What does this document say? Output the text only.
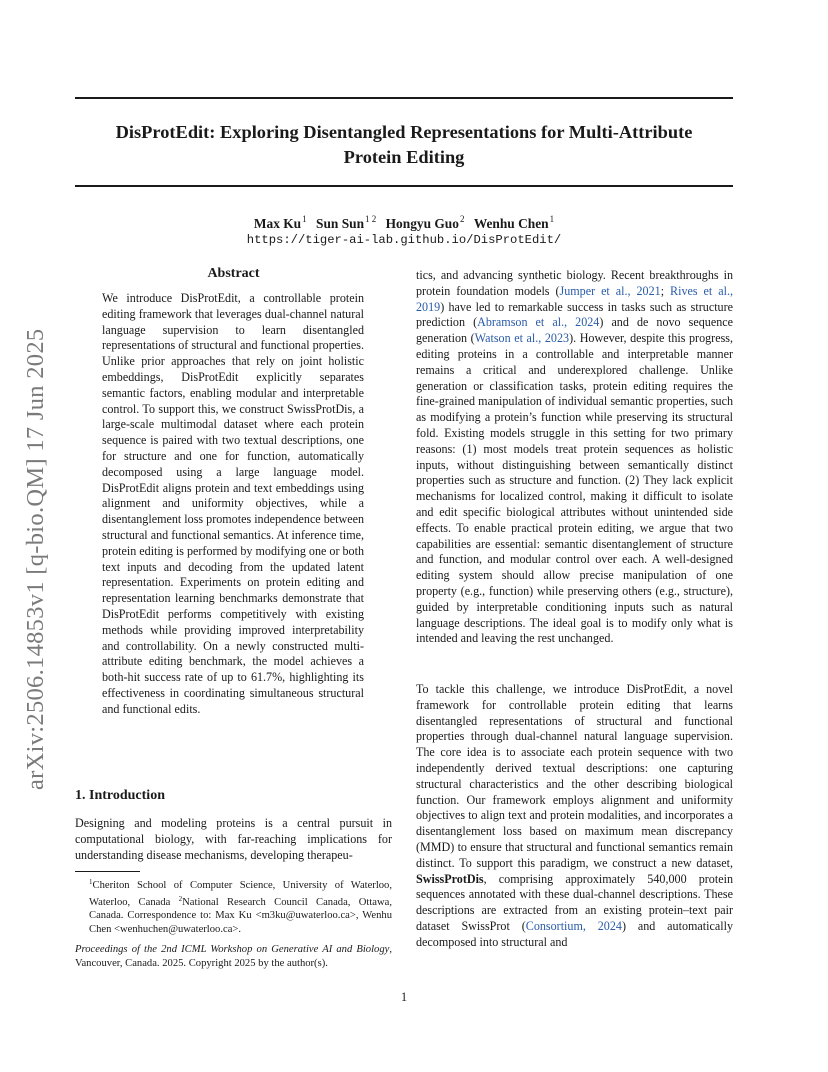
DisProtEdit: Exploring Disentangled Representations for Multi-Attribute
Protein Editing
Max Ku$^1$ Sun Sun$^{1 2}$ Hongyu Guo$^2$ Wenhu Chen$^1$
https://tiger-ai-lab.github.io/DisProtEdit/
arXiv:2506.14853v1 [q-bio.QM] 17 Jun 2025
Abstract
We introduce DisProtEdit, a controllable protein editing framework that leverages dual-channel natural language supervision to learn disentangled representations of structural and functional properties. Unlike prior approaches that rely on joint holistic embeddings, DisProtEdit explicitly separates semantic factors, enabling modular and interpretable control. To support this, we construct SwissProtDis, a large-scale multimodal dataset where each protein sequence is paired with two textual descriptions, one for structure and one for function, automatically decomposed using a large language model. DisProtEdit aligns protein and text embeddings using alignment and uniformity objectives, while a disentanglement loss promotes independence between structural and functional semantics. At inference time, protein editing is performed by modifying one or both text inputs and decoding from the updated latent representation. Experiments on protein editing and representation learning benchmarks demonstrate that DisProtEdit performs competitively with existing methods while providing improved interpretability and controllability. On a newly constructed multi-attribute editing benchmark, the model achieves a both-hit success rate of up to 61.7%, highlighting its effectiveness in coordinating simultaneous structural and functional edits.
1. Introduction
Designing and modeling proteins is a central pursuit in computational biology, with far-reaching implications for understanding disease mechanisms, developing therapeu-
$^1$Cheriton School of Computer Science, University of Waterloo, Waterloo, Canada $^2$National Research Council Canada, Ottawa, Canada. Correspondence to: Max Ku <m3ku@uwaterloo.ca>, Wenhu Chen <wenhuchen@uwaterloo.ca>.
Proceedings of the 2nd ICML Workshop on Generative AI and Biology, Vancouver, Canada. 2025. Copyright 2025 by the author(s).
tics, and advancing synthetic biology. Recent breakthroughs in protein foundation models (Jumper et al., 2021; Rives et al., 2019) have led to remarkable success in tasks such as structure prediction (Abramson et al., 2024) and de novo sequence generation (Watson et al., 2023). However, despite this progress, editing proteins in a controllable and interpretable manner remains a critical and underexplored challenge. Unlike generation or classification tasks, protein editing requires the fine-grained manipulation of individual semantic properties, such as modifying a protein’s function while preserving its structural fold. Existing models struggle in this setting for two primary reasons: (1) most models treat protein sequences as holistic inputs, without distinguishing between semantically distinct properties such as structure and function. (2) They lack explicit mechanisms for localized control, making it difficult to isolate and edit specific biological attributes without unintended side effects. To enable practical protein editing, we argue that two capabilities are essential: semantic disentanglement of structure and function, and modular control over each. A well-designed editing system should allow precise manipulation of one property (e.g., function) while preserving others (e.g., structure), guided by interpretable conditioning inputs such as natural language descriptions. The ideal goal is to modify only what is intended and leaving the rest unchanged.
To tackle this challenge, we introduce DisProtEdit, a novel framework for controllable protein editing that learns disentangled representations of structural and functional properties through dual-channel natural language supervision. The core idea is to associate each protein sequence with two independently derived textual descriptions: one capturing structural characteristics and the other describing biological function. Our framework employs alignment and uniformity objectives to align text and protein modalities, and incorporates a disentanglement loss based on maximum mean discrepancy (MMD) to ensure that structural and functional semantics remain distinct. To support this paradigm, we construct a new dataset, SwissProtDis, comprising approximately 540,000 protein sequences annotated with these dual-channel descriptions. These descriptions are extracted from an existing protein–text pair dataset SwissProt (Consortium, 2024) and automatically decomposed into structural and
1
